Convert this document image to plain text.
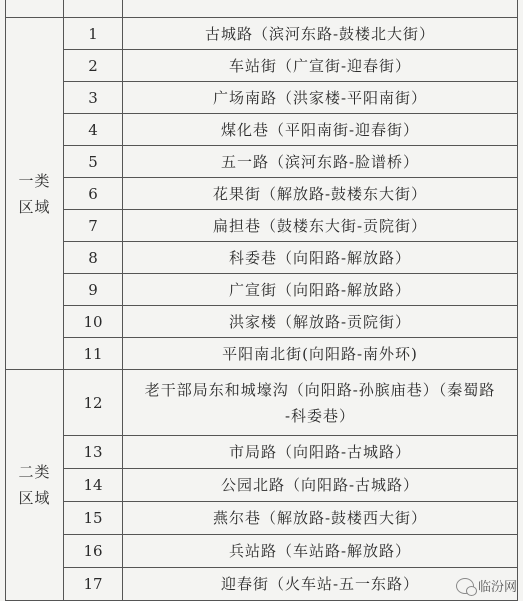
一类
区域	1	古城路（滨河东路-鼓楼北大街）
	2	车站街（广宣街-迎春街）
	3	广场南路（洪家楼-平阳南街）
	4	煤化巷（平阳南街-迎春街）
	5	五一路（滨河东路-脸谱桥）
	6	花果街（解放路-鼓楼东大街）
	7	扁担巷（鼓楼东大街-贡院街）
	8	科委巷（向阳路-解放路）
	9	广宣街（向阳路-解放路）
	10	洪家楼（解放路-贡院街）
	11	平阳南北街(向阳路-南外环)

二类
区域	12	老干部局东和城壕沟（向阳路-孙膑庙巷）（秦蜀路
-科委巷）

	13	市局路（向阳路-古城路）
	14	公园北路（向阳路-古城路）
	15	燕尔巷（解放路-鼓楼西大街）
	16	兵站路（车站路-解放路）
	17	迎春街（火车站-五一东路）	临汾网
